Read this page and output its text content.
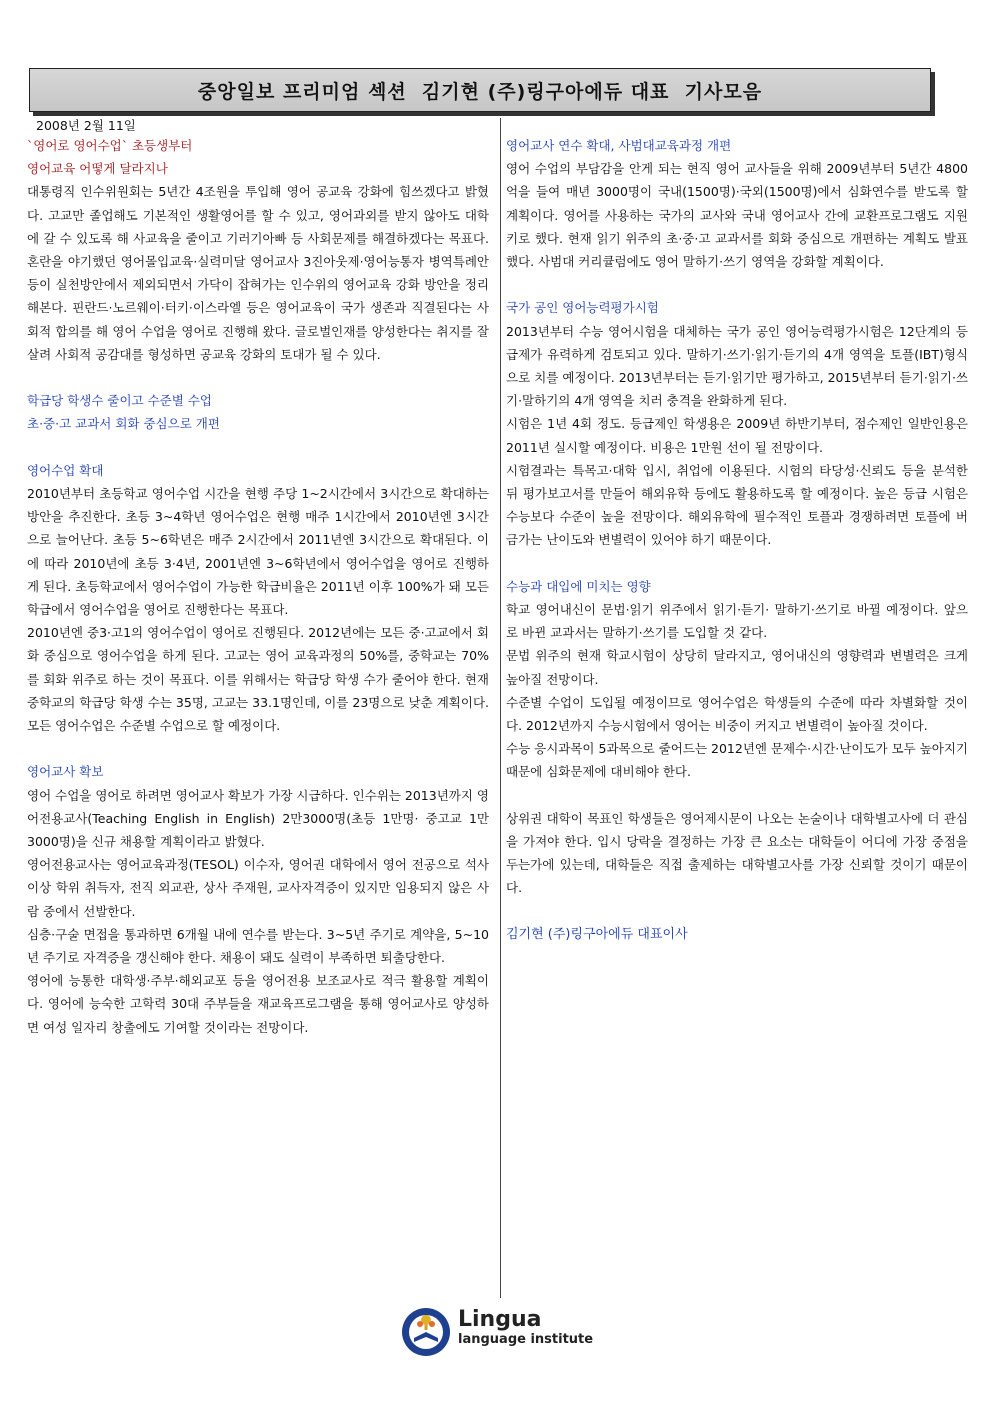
중앙일보 프리미엄 섹션  김기현 (주)링구아에듀 대표  기사모음
2008년 2월 11일

`영어로 영어수업` 초등생부터

영어교육 어떻게 달라지나

대통령직 인수위원회는 5년간 4조원을 투입해 영어 공교육 강화에 힘쓰겠다고 밝혔다. 고교만 졸업해도 기본적인 생활영어를 할 수 있고, 영어과외를 받지 않아도 대학에 갈 수 있도록 해 사교육을 줄이고 기러기아빠 등 사회문제를 해결하겠다는 목표다. 혼란을 야기했던 영어몰입교육·실력미달 영어교사 3진아웃제·영어능통자 병역특례안 등이 실천방안에서 제외되면서 가닥이 잡혀가는 인수위의 영어교육 강화 방안을 정리해본다. 핀란드·노르웨이·터키·이스라엘 등은 영어교육이 국가 생존과 직결된다는 사회적 합의를 해 영어 수업을 영어로 진행해 왔다. 글로벌인재를 양성한다는 취지를 잘 살려 사회적 공감대를 형성하면 공교육 강화의 토대가 될 수 있다.

학급당 학생수 줄이고 수준별 수업

초·중·고 교과서 회화 중심으로 개편

영어수업 확대

2010년부터 초등학교 영어수업 시간을 현행 주당 1~2시간에서 3시간으로 확대하는 방안을 추진한다. 초등 3~4학년 영어수업은 현행 매주 1시간에서 2010년엔 3시간으로 늘어난다. 초등 5~6학년은 매주 2시간에서 2011년엔 3시간으로 확대된다. 이에 따라 2010년에 초등 3·4년, 2001년엔 3~6학년에서 영어수업을 영어로 진행하게 된다. 초등학교에서 영어수업이 가능한 학급비율은 2011년 이후 100%가 돼 모든 학급에서 영어수업을 영어로 진행한다는 목표다.

2010년엔 중3·고1의 영어수업이 영어로 진행된다. 2012년에는 모든 중·고교에서 회화 중심으로 영어수업을 하게 된다. 고교는 영어 교육과정의 50%를, 중학교는 70%를 회화 위주로 하는 것이 목표다. 이를 위해서는 학급당 학생 수가 줄어야 한다. 현재 중학교의 학급당 학생 수는 35명, 고교는 33.1명인데, 이를 23명으로 낮춘 계획이다. 모든 영어수업은 수준별 수업으로 할 예정이다.

영어교사 확보

영어 수업을 영어로 하려면 영어교사 확보가 가장 시급하다. 인수위는 2013년까지 영어전용교사(Teaching English in English) 2만3000명(초등 1만명· 중고교 1만3000명)을 신규 채용할 계획이라고 밝혔다.

영어전용교사는 영어교육과정(TESOL) 이수자, 영어권 대학에서 영어 전공으로 석사 이상 학위 취득자, 전직 외교관, 상사 주재원, 교사자격증이 있지만 임용되지 않은 사람 중에서 선발한다.

심층·구술 면접을 통과하면 6개월 내에 연수를 받는다. 3~5년 주기로 계약을, 5~10년 주기로 자격증을 갱신해야 한다. 채용이 돼도 실력이 부족하면 퇴출당한다.

영어에 능통한 대학생·주부·해외교포 등을 영어전용 보조교사로 적극 활용할 계획이다. 영어에 능숙한 고학력 30대 주부들을 재교육프로그램을 통해 영어교사로 양성하면 여성 일자리 창출에도 기여할 것이라는 전망이다.

영어교사 연수 확대, 사범대교육과정 개편

영어 수업의 부담감을 안게 되는 현직 영어 교사들을 위해 2009년부터 5년간 4800억을 들여 매년 3000명이 국내(1500명)·국외(1500명)에서 심화연수를 받도록 할 계획이다. 영어를 사용하는 국가의 교사와 국내 영어교사 간에 교환프로그램도 지원키로 했다. 현재 읽기 위주의 초·중·고 교과서를 회화 중심으로 개편하는 계획도 발표했다. 사범대 커리큘럼에도 영어 말하기·쓰기 영역을 강화할 계획이다.

국가 공인 영어능력평가시험

2013년부터 수능 영어시험을 대체하는 국가 공인 영어능력평가시험은 12단계의 등급제가 유력하게 검토되고 있다. 말하기·쓰기·읽기·듣기의 4개 영역을 토플(IBT)형식으로 치를 예정이다. 2013년부터는 듣기·읽기만 평가하고, 2015년부터 듣기·읽기·쓰기·말하기의 4개 영역을 치러 충격을 완화하게 된다.

시험은 1년 4회 정도. 등급제인 학생용은 2009년 하반기부터, 점수제인 일반인용은 2011년 실시할 예정이다. 비용은 1만원 선이 될 전망이다.

시험결과는 특목고·대학 입시, 취업에 이용된다. 시험의 타당성·신뢰도 등을 분석한 뒤 평가보고서를 만들어 해외유학 등에도 활용하도록 할 예정이다. 높은 등급 시험은 수능보다 수준이 높을 전망이다. 해외유학에 필수적인 토플과 경쟁하려면 토플에 버금가는 난이도와 변별력이 있어야 하기 때문이다.

수능과 대입에 미치는 영향

학교 영어내신이 문법·읽기 위주에서 읽기·듣기· 말하기·쓰기로 바뀔 예정이다. 앞으로 바뀐 교과서는 말하기·쓰기를 도입할 것 같다.

문법 위주의 현재 학교시험이 상당히 달라지고, 영어내신의 영향력과 변별력은 크게 높아질 전망이다.

수준별 수업이 도입될 예정이므로 영어수업은 학생들의 수준에 따라 차별화할 것이다. 2012년까지 수능시험에서 영어는 비중이 커지고 변별력이 높아질 것이다.

수능 응시과목이 5과목으로 줄어드는 2012년엔 문제수·시간·난이도가 모두 높아지기 때문에 심화문제에 대비해야 한다.

상위권 대학이 목표인 학생들은 영어제시문이 나오는 논술이나 대학별고사에 더 관심을 가져야 한다. 입시 당락을 결정하는 가장 큰 요소는 대학들이 어디에 가장 중점을 두는가에 있는데, 대학들은 직접 출제하는 대학별고사를 가장 신뢰할 것이기 때문이다.

김기현 (주)링구아에듀 대표이사

Lingua
language institute
